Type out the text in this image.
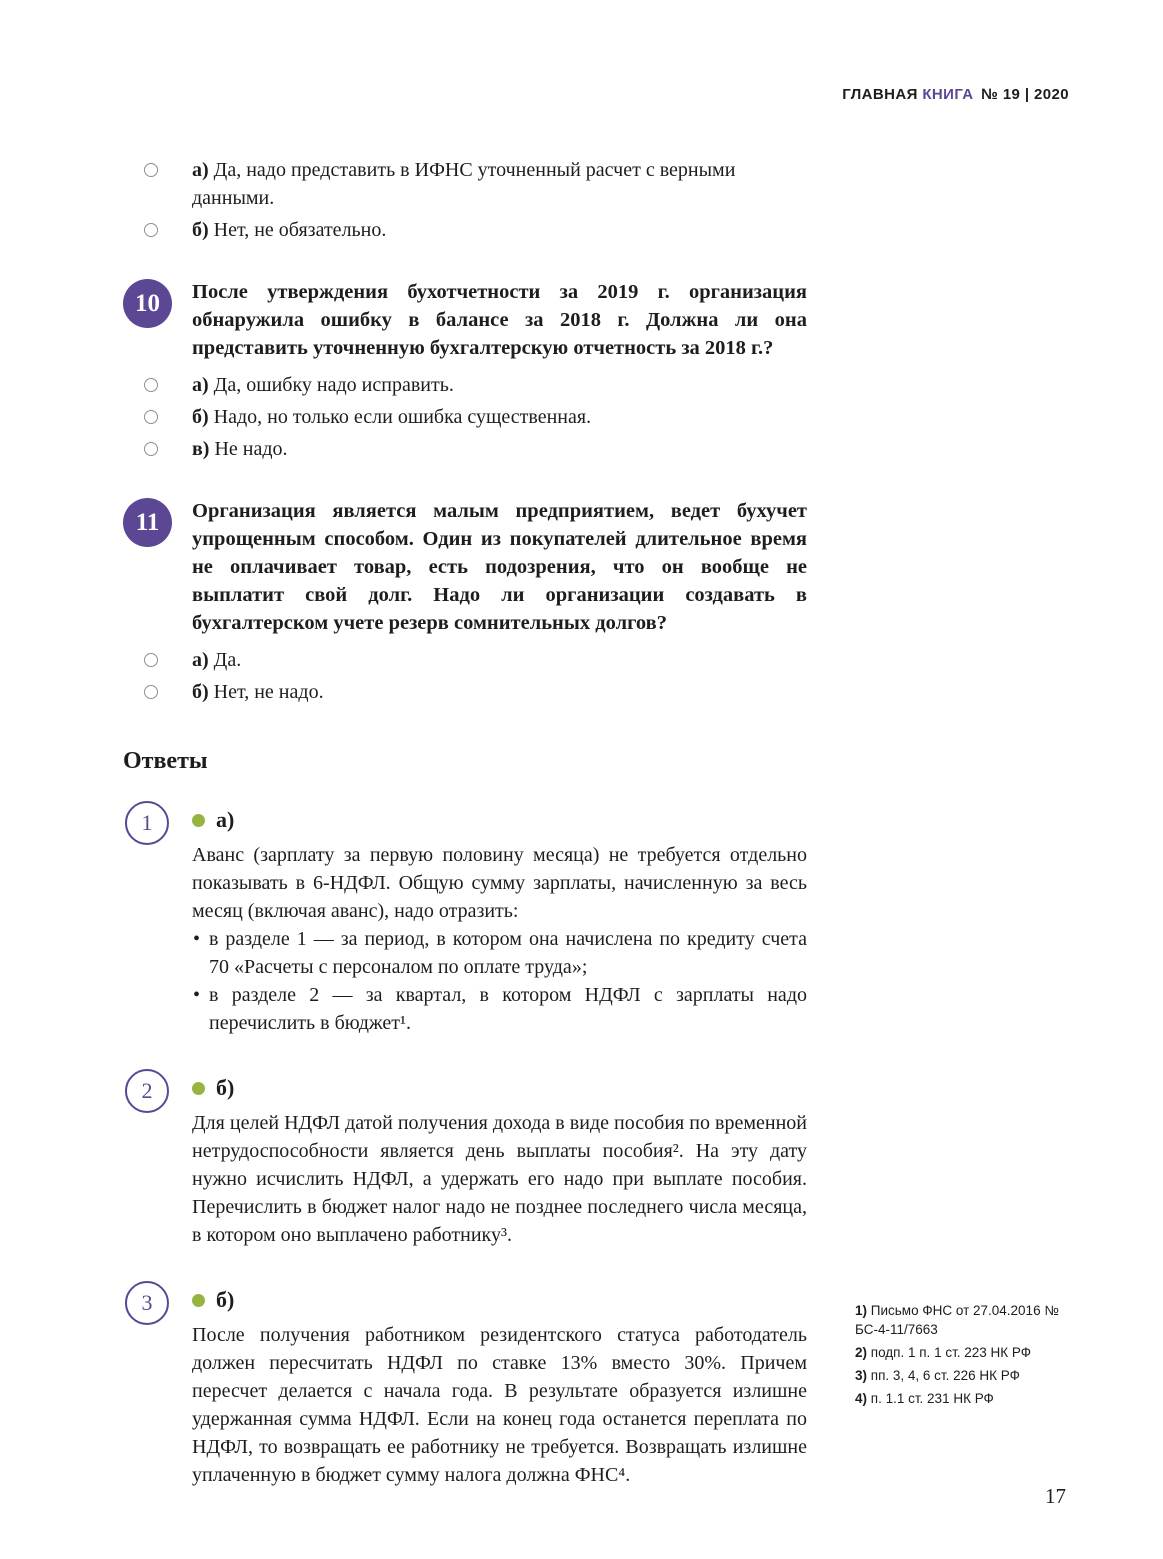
ГЛАВНАЯ КНИГА № 19 | 2020
а) Да, надо представить в ИФНС уточненный расчет с верными данными.
б) Нет, не обязательно.
10	После утверждения бухотчетности за 2019 г. организация обнаружила ошибку в балансе за 2018 г. Должна ли она представить уточненную бухгалтерскую отчетность за 2018 г.?
а) Да, ошибку надо исправить.
б) Надо, но только если ошибка существенная.
в) Не надо.
11	Организация является малым предприятием, ведет бухучет упрощенным способом. Один из покупателей длительное время не оплачивает товар, есть подозрения, что он вообще не выплатит свой долг. Надо ли организации создавать в бухгалтерском учете резерв сомнительных долгов?
а) Да.
б) Нет, не надо.
Ответы
1	а)
Аванс (зарплату за первую половину месяца) не требуется отдельно показывать в 6-НДФЛ. Общую сумму зарплаты, начисленную за весь месяц (включая аванс), надо отразить:
• в разделе 1 — за период, в котором она начислена по кредиту счета 70 «Расчеты с персоналом по оплате труда»;
• в разделе 2 — за квартал, в котором НДФЛ с зарплаты надо перечислить в бюджет¹.
2	б)
Для целей НДФЛ датой получения дохода в виде пособия по временной нетрудоспособности является день выплаты пособия². На эту дату нужно исчислить НДФЛ, а удержать его надо при выплате пособия. Перечислить в бюджет налог надо не позднее последнего числа месяца, в котором оно выплачено работнику³.
3	б)
После получения работником резидентского статуса работодатель должен пересчитать НДФЛ по ставке 13% вместо 30%. Причем пересчет делается с начала года. В результате образуется излишне удержанная сумма НДФЛ. Если на конец года останется переплата по НДФЛ, то возвращать ее работнику не требуется. Возвращать излишне уплаченную в бюджет сумму налога должна ФНС⁴.
1) Письмо ФНС от 27.04.2016 № БС-4-11/7663
2) подп. 1 п. 1 ст. 223 НК РФ
3) пп. 3, 4, 6 ст. 226 НК РФ
4) п. 1.1 ст. 231 НК РФ
17
